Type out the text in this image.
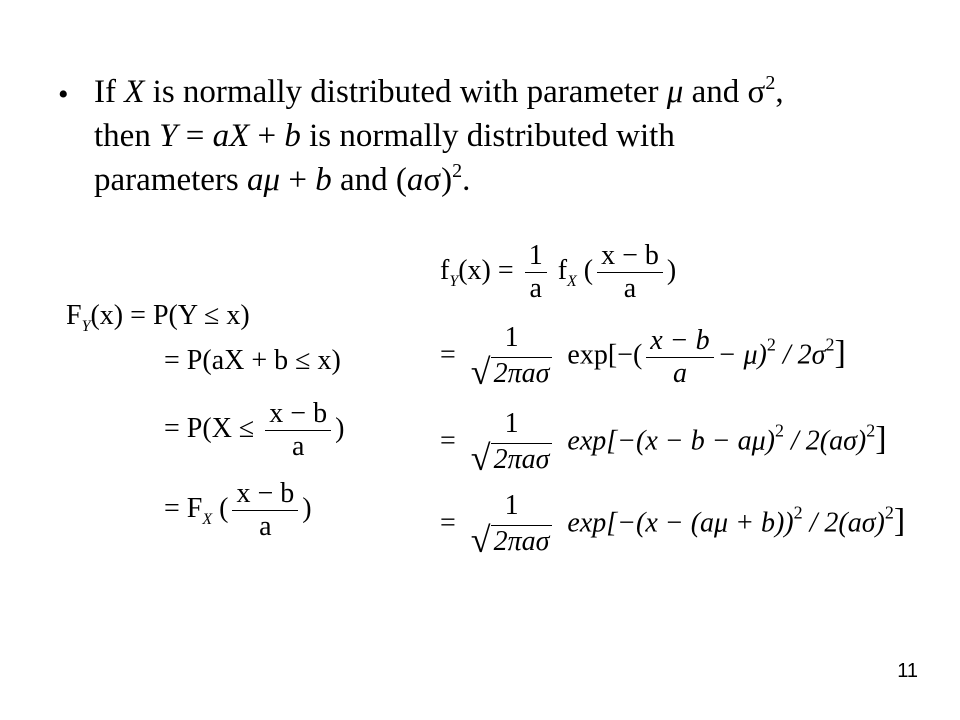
• If X is normally distributed with parameter μ and $\sigma^2$,
then Y = aX + b is normally distributed with
parameters aμ + b and $(a\sigma)^2$.
$F_Y(x) = P(Y \le x)$
= P(aX + b ≤ x)
= $P(X \le \frac{x - b}{a}$ )
= $F_X$ ( $\frac{x - b}{a}$ )
$f_Y(x) = \frac{1}{a} f_X$ ( $\frac{x - b}{a}$ )
=
1
√ 2πaσ
$\exp[-( \frac{x - b}{a} - \mu)^2 / 2\sigma^2]$
=
1
√ 2πaσ
$\exp[-(x - b - a\mu)^2 / 2(a\sigma)^2]$
=
1
√ 2πaσ
$\exp[-(x - (a\mu + b))^2 / 2(a\sigma)^2]$
11
